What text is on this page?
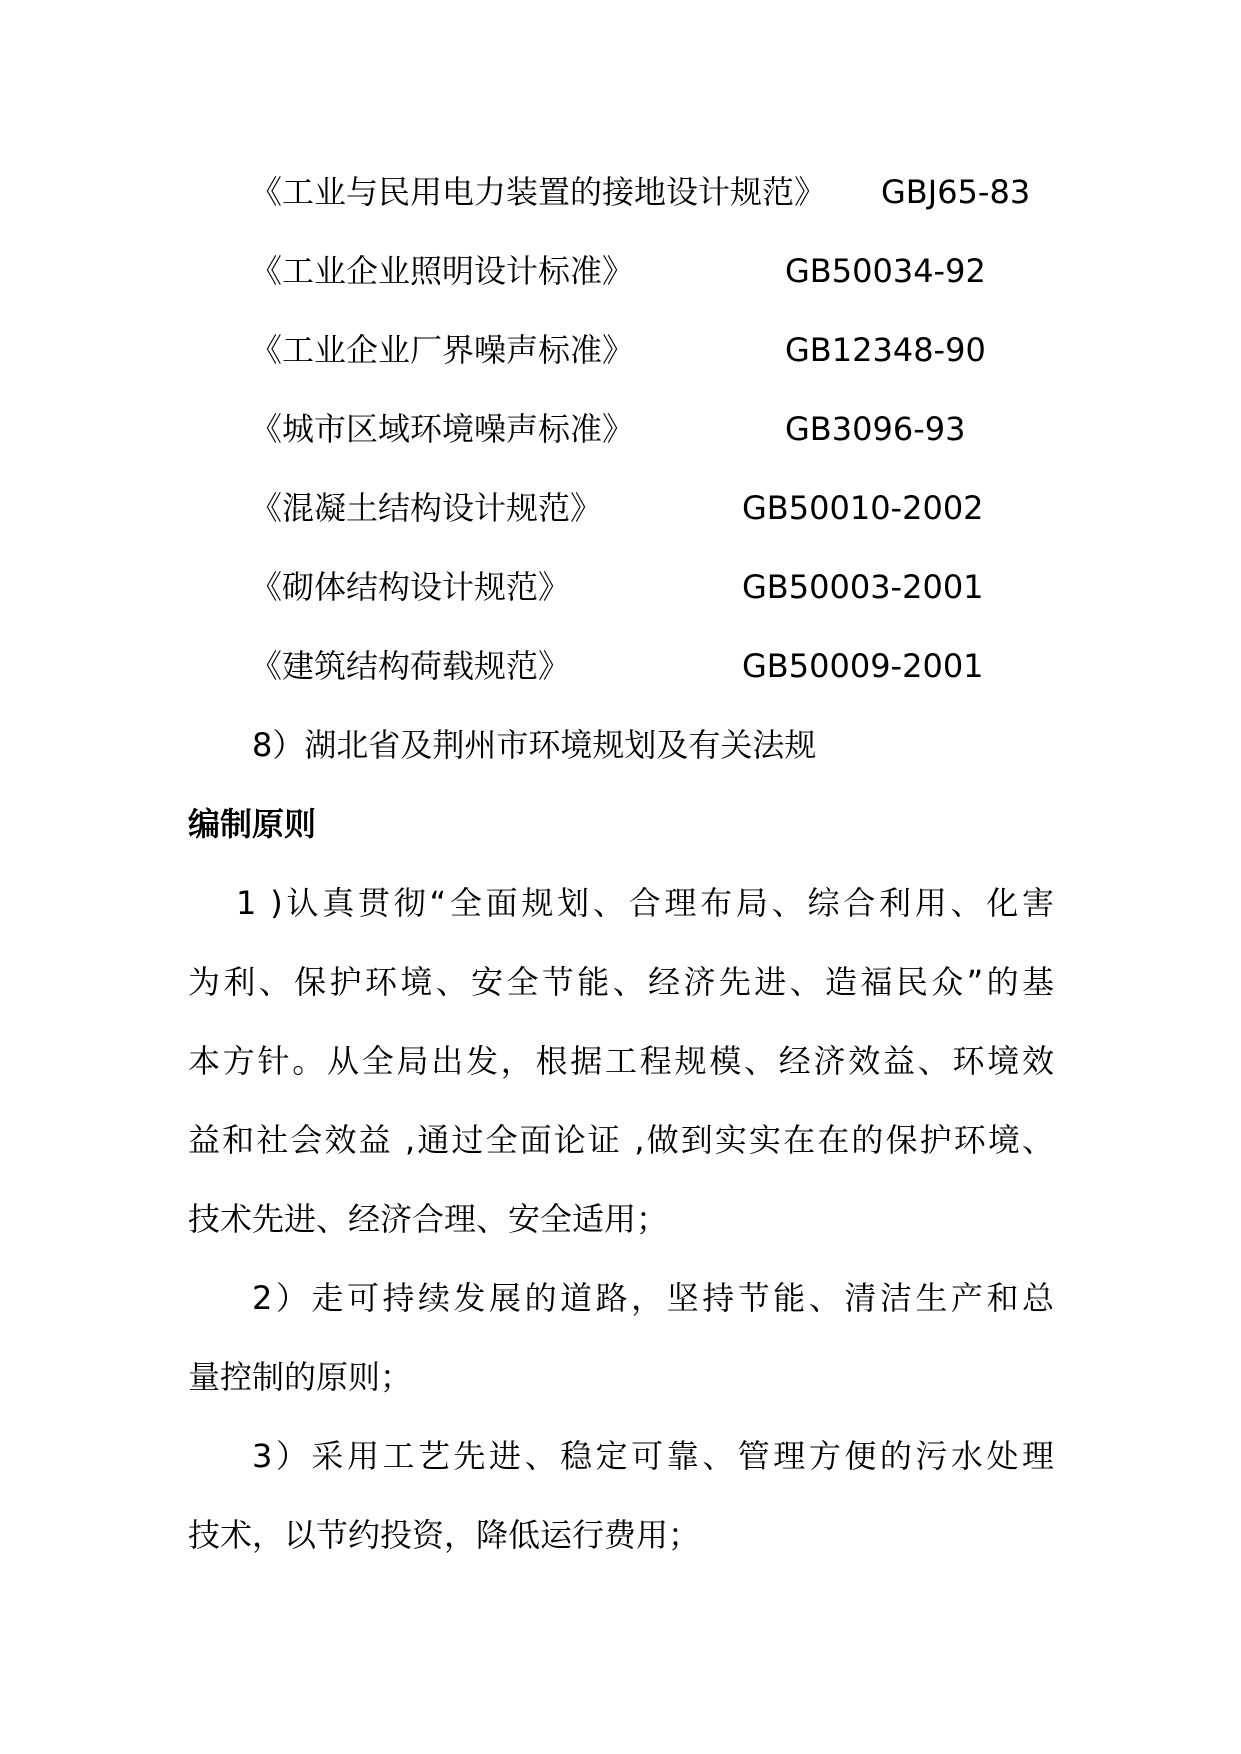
《工业与民用电力装置的接地设计规范》 GBJ65-83
《工业企业照明设计标准》	GB50034-92
《工业企业厂界噪声标准》	GB12348-90
《城市区域环境噪声标准》	GB3096-93
《混凝土结构设计规范》	GB50010-2002
《砌体结构设计规范》	GB50003-2001
《建筑结构荷载规范》	GB50009-2001
8）湖北省及荆州市环境规划及有关法规
编制原则
1 )认真贯彻“全面规划、合理布局、综合利用、化害
为利、保护环境、安全节能、经济先进、造福民众”的基
本方针。从全局出发，根据工程规模、经济效益、环境效
益和社会效益 ,通过全面论证 ,做到实实在在的保护环境、
技术先进、经济合理、安全适用；
2）走可持续发展的道路，坚持节能、清洁生产和总
量控制的原则；
3）采用工艺先进、稳定可靠、管理方便的污水处理
技术，以节约投资，降低运行费用；
